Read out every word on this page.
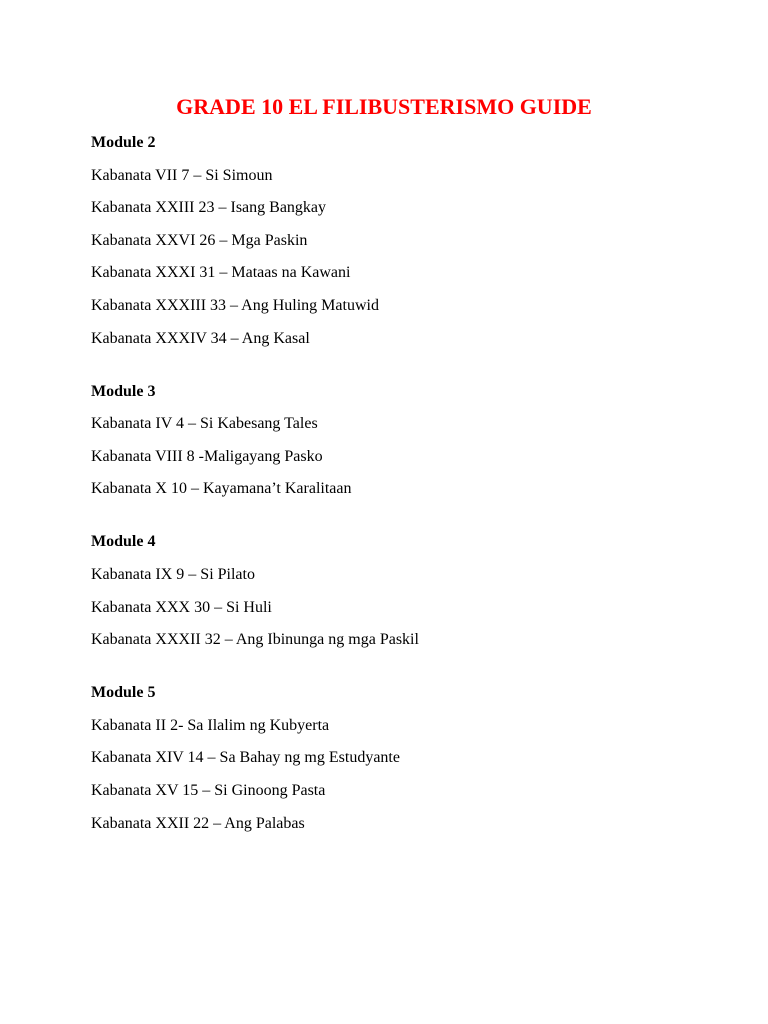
GRADE 10 EL FILIBUSTERISMO GUIDE
Module 2
Kabanata VII 7 – Si Simoun
Kabanata XXIII 23 – Isang Bangkay
Kabanata XXVI 26 – Mga Paskin
Kabanata XXXI 31 – Mataas na Kawani
Kabanata XXXIII 33 – Ang Huling Matuwid
Kabanata XXXIV 34 – Ang Kasal
Module 3
Kabanata IV 4 – Si Kabesang Tales
Kabanata VIII 8 -Maligayang Pasko
Kabanata X 10 – Kayamana’t Karalitaan
Module 4
Kabanata IX 9 – Si Pilato
Kabanata XXX 30 – Si Huli
Kabanata XXXII 32 – Ang Ibinunga ng mga Paskil
Module 5
Kabanata II 2- Sa Ilalim ng Kubyerta
Kabanata XIV 14 – Sa Bahay ng mg Estudyante
Kabanata XV 15 – Si Ginoong Pasta
Kabanata XXII 22 – Ang Palabas
